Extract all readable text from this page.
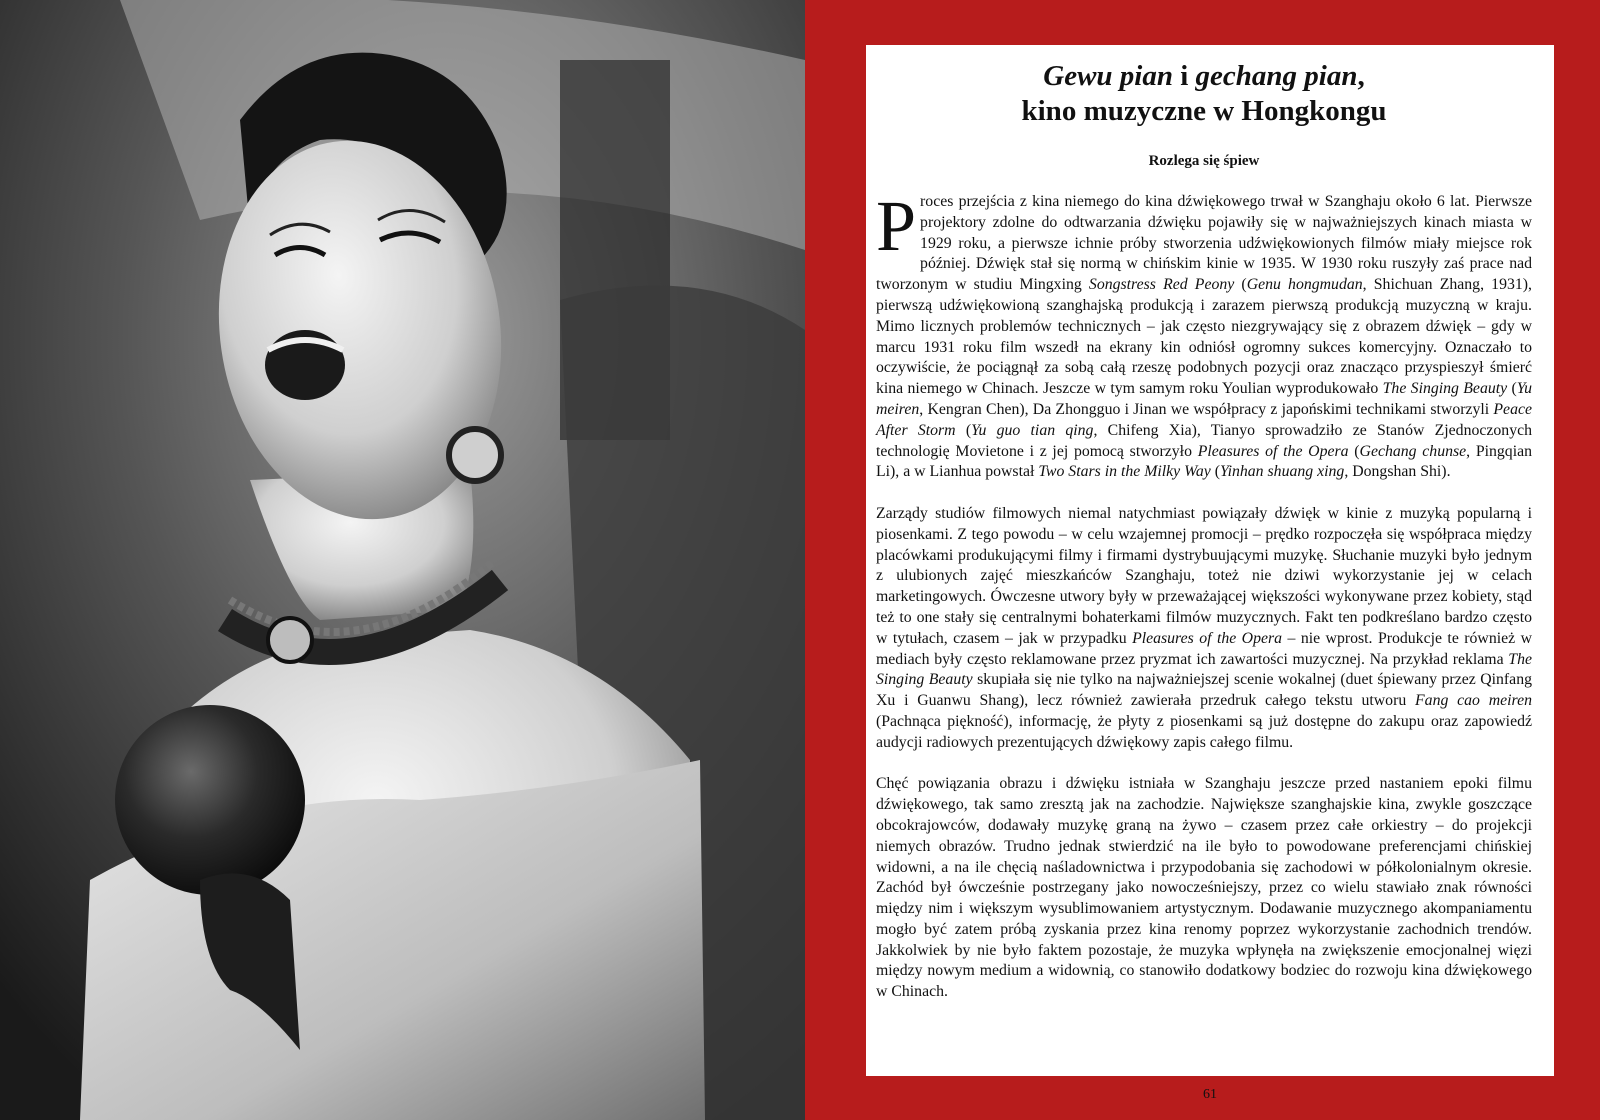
Gewu pian i gechang pian,
kino muzyczne w Hongkongu
Rozlega się śpiew

Proces przejścia z kina niemego do kina dźwiękowego trwał w Szanghaju około 6 lat. Pierwsze projektory zdolne do odtwarzania dźwięku pojawiły się w najważniejszych kinach miasta w 1929 roku, a pierwsze ichnie próby stworzenia udźwiękowionych filmów miały miejsce rok później. Dźwięk stał się normą w chińskim kinie w 1935. W 1930 roku ruszyły zaś prace nad tworzonym w studiu Mingxing Songstress Red Peony (Genu hongmudan, Shichuan Zhang, 1931), pierwszą udźwiękowioną szanghajską produkcją i zarazem pierwszą produkcją muzyczną w kraju. Mimo licznych problemów technicznych – jak często niezgrywający się z obrazem dźwięk – gdy w marcu 1931 roku film wszedł na ekrany kin odniósł ogromny sukces komercyjny. Oznaczało to oczywiście, że pociągnął za sobą całą rzeszę podobnych pozycji oraz znacząco przyspieszył śmierć kina niemego w Chinach. Jeszcze w tym samym roku Youlian wyprodukowało The Singing Beauty (Yu meiren, Kengran Chen), Da Zhongguo i Jinan we współpracy z japońskimi technikami stworzyli Peace After Storm (Yu guo tian qing, Chifeng Xia), Tianyo sprowadziło ze Stanów Zjednoczonych technologię Movietone i z jej pomocą stworzyło Pleasures of the Opera (Gechang chunse, Pingqian Li), a w Lianhua powstał Two Stars in the Milky Way (Yinhan shuang xing, Dongshan Shi).

Zarządy studiów filmowych niemal natychmiast powiązały dźwięk w kinie z muzyką popularną i piosenkami. Z tego powodu – w celu wzajemnej promocji – prędko rozpoczęła się współpraca między placówkami produkującymi filmy i firmami dystrybuującymi muzykę. Słuchanie muzyki było jednym z ulubionych zajęć mieszkańców Szanghaju, toteż nie dziwi wykorzystanie jej w celach marketingowych. Ówczesne utwory były w przeważającej większości wykonywane przez kobiety, stąd też to one stały się centralnymi bohaterkami filmów muzycznych. Fakt ten podkreślano bardzo często w tytułach, czasem – jak w przypadku Pleasures of the Opera – nie wprost. Produkcje te również w mediach były często reklamowane przez pryzmat ich zawartości muzycznej. Na przykład reklama The Singing Beauty skupiała się nie tylko na najważniejszej scenie wokalnej (duet śpiewany przez Qinfang Xu i Guanwu Shang), lecz również zawierała przedruk całego tekstu utworu Fang cao meiren (Pachnąca piękność), informację, że płyty z piosenkami są już dostępne do zakupu oraz zapowiedź audycji radiowych prezentujących dźwiękowy zapis całego filmu.

Chęć powiązania obrazu i dźwięku istniała w Szanghaju jeszcze przed nastaniem epoki filmu dźwiękowego, tak samo zresztą jak na zachodzie. Największe szanghajskie kina, zwykle goszczące obcokrajowców, dodawały muzykę graną na żywo – czasem przez całe orkiestry – do projekcji niemych obrazów. Trudno jednak stwierdzić na ile było to powodowane preferencjami chińskiej widowni, a na ile chęcią naśladownictwa i przypodobania się zachodowi w półkolonialnym okresie. Zachód był ówcześnie postrzegany jako nowocześniejszy, przez co wielu stawiało znak równości między nim i większym wysublimowaniem artystycznym. Dodawanie muzycznego akompaniamentu mogło być zatem próbą zyskania przez kina renomy poprzez wykorzystanie zachodnich trendów. Jakkolwiek by nie było faktem pozostaje, że muzyka wpłynęła na zwiększenie emocjonalnej więzi między nowym medium a widownią, co stanowiło dodatkowy bodziec do rozwoju kina dźwiękowego w Chinach.

61
